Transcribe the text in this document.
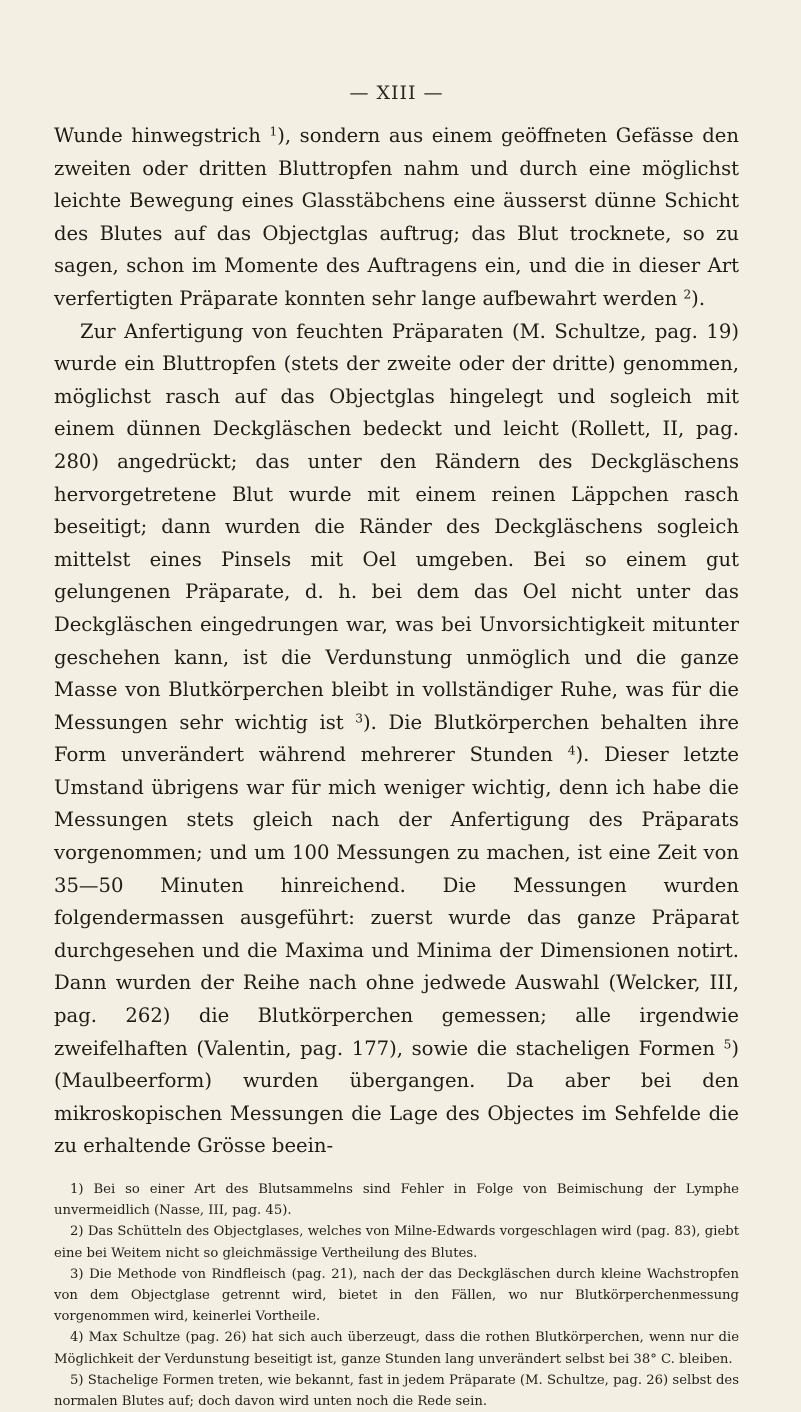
— XIII —

Wunde hinwegstrich $^1$), sondern aus einem geöffneten Gefässe den zweiten oder dritten Bluttropfen nahm und durch eine möglichst leichte Bewegung eines Glasstäbchens eine äusserst dünne Schicht des Blutes auf das Objectglas auftrug; das Blut trocknete, so zu sagen, schon im Momente des Auftragens ein, und die in dieser Art verfertigten Präparate konnten sehr lange aufbewahrt werden $^2$).

Zur Anfertigung von feuchten Präparaten (M. Schultze, pag. 19) wurde ein Bluttropfen (stets der zweite oder der dritte) genommen, möglichst rasch auf das Objectglas hingelegt und sogleich mit einem dünnen Deckgläschen bedeckt und leicht (Rollett, II, pag. 280) angedrückt; das unter den Rändern des Deckgläschens hervorgetretene Blut wurde mit einem reinen Läppchen rasch beseitigt; dann wurden die Ränder des Deckgläschens sogleich mittelst eines Pinsels mit Oel umgeben. Bei so einem gut gelungenen Präparate, d. h. bei dem das Oel nicht unter das Deckgläschen eingedrungen war, was bei Unvorsichtigkeit mitunter geschehen kann, ist die Verdunstung unmöglich und die ganze Masse von Blutkörperchen bleibt in vollständiger Ruhe, was für die Messungen sehr wichtig ist $^3$). Die Blutkörperchen behalten ihre Form unverändert während mehrerer Stunden $^4$). Dieser letzte Umstand übrigens war für mich weniger wichtig, denn ich habe die Messungen stets gleich nach der Anfertigung des Präparats vorgenommen; und um 100 Messungen zu machen, ist eine Zeit von 35—50 Minuten hinreichend. Die Messungen wurden folgendermassen ausgeführt: zuerst wurde das ganze Präparat durchgesehen und die Maxima und Minima der Dimensionen notirt. Dann wurden der Reihe nach ohne jedwede Auswahl (Welcker, III, pag. 262) die Blutkörperchen gemessen; alle irgendwie zweifelhaften (Valentin, pag. 177), sowie die stacheligen Formen $^5$) (Maulbeerform) wurden übergangen. Da aber bei den mikroskopischen Messungen die Lage des Objectes im Sehfelde die zu erhaltende Grösse beein-

1) Bei so einer Art des Blutsammelns sind Fehler in Folge von Beimischung der Lymphe unvermeidlich (Nasse, III, pag. 45).

2) Das Schütteln des Objectglases, welches von Milne-Edwards vorgeschlagen wird (pag. 83), giebt eine bei Weitem nicht so gleichmässige Vertheilung des Blutes.

3) Die Methode von Rindfleisch (pag. 21), nach der das Deckgläschen durch kleine Wachstropfen von dem Objectglase getrennt wird, bietet in den Fällen, wo nur Blutkörperchenmessung vorgenommen wird, keinerlei Vortheile.

4) Max Schultze (pag. 26) hat sich auch überzeugt, dass die rothen Blutkörperchen, wenn nur die Möglichkeit der Verdunstung beseitigt ist, ganze Stunden lang unverändert selbst bei 38° C. bleiben.

5) Stachelige Formen treten, wie bekannt, fast in jedem Präparate (M. Schultze, pag. 26) selbst des normalen Blutes auf; doch davon wird unten noch die Rede sein.
